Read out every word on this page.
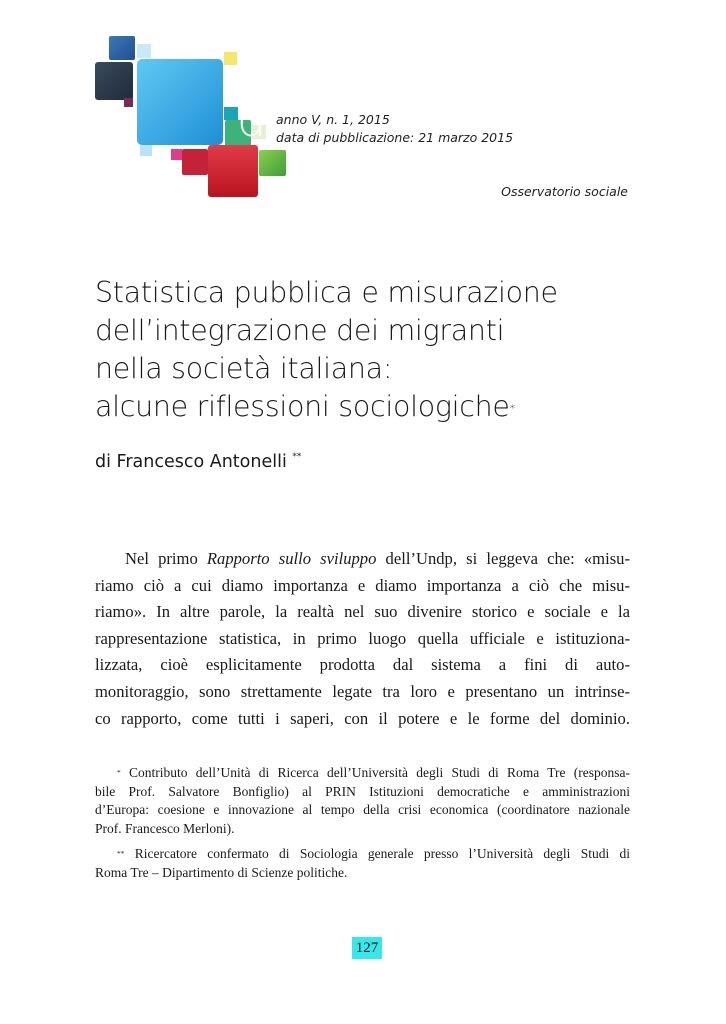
ds
anno V, n. 1, 2015
data di pubblicazione: 21 marzo 2015
Osservatorio sociale
Statistica pubblica e misurazione
dell’integrazione dei migranti
nella società italiana:
alcune riflessioni sociologiche*
di Francesco Antonelli **
Nel primo Rapporto sullo sviluppo dell’Undp, si leggeva che: «misu-
riamo ciò a cui diamo importanza e diamo importanza a ciò che misu-
riamo». In altre parole, la realtà nel suo divenire storico e sociale e la
rappresentazione statistica, in primo luogo quella ufficiale e istituziona-
lizzata, cioè esplicitamente prodotta dal sistema a fini di auto-
monitoraggio, sono strettamente legate tra loro e presentano un intrinse-
co rapporto, come tutti i saperi, con il potere e le forme del dominio.
* Contributo dell’Unità di Ricerca dell’Università degli Studi di Roma Tre (responsa-
bile Prof. Salvatore Bonfiglio) al PRIN Istituzioni democratiche e amministrazioni
d’Europa: coesione e innovazione al tempo della crisi economica (coordinatore nazionale
Prof. Francesco Merloni).
** Ricercatore confermato di Sociologia generale presso l’Università degli Studi di
Roma Tre – Dipartimento di Scienze politiche.
127
